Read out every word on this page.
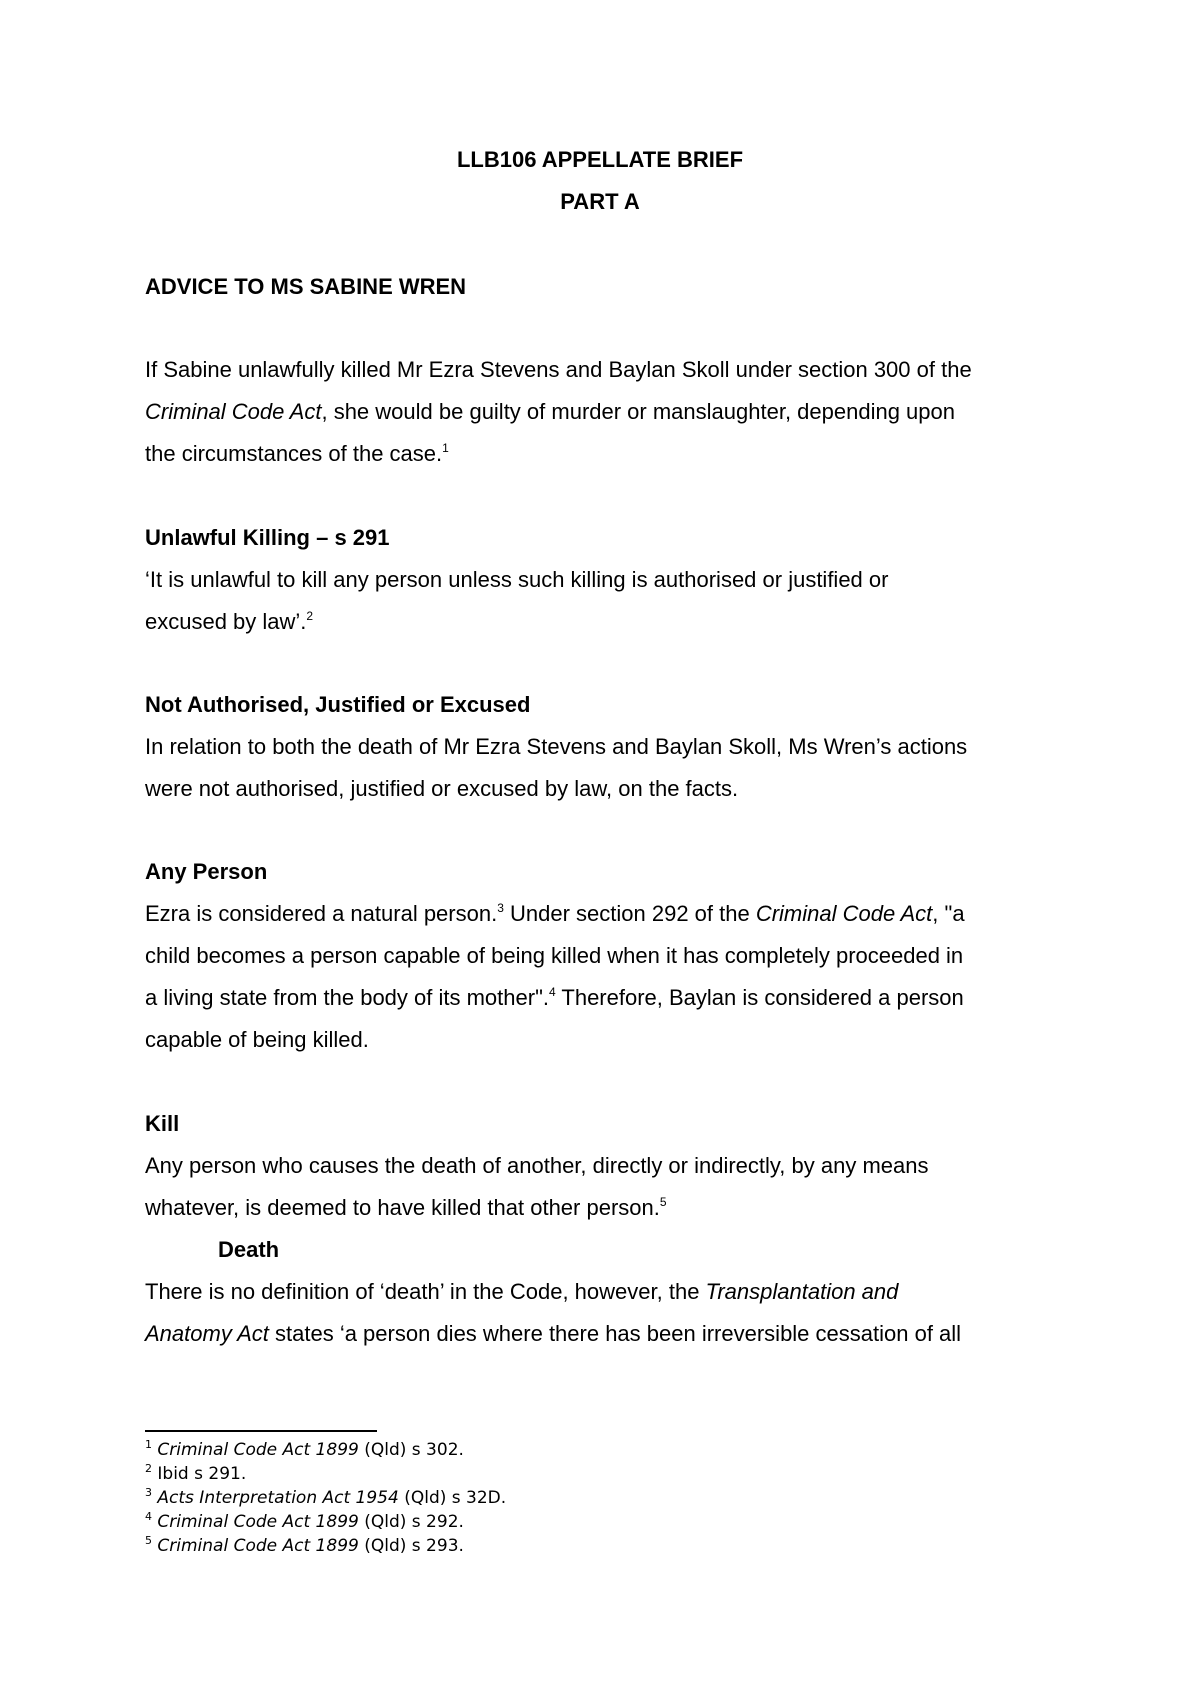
LLB106 APPELLATE BRIEF
PART A
ADVICE TO MS SABINE WREN
If Sabine unlawfully killed Mr Ezra Stevens and Baylan Skoll under section 300 of the
Criminal Code Act, she would be guilty of murder or manslaughter, depending upon
the circumstances of the case.$^1$
Unlawful Killing – s 291
‘It is unlawful to kill any person unless such killing is authorised or justified or
excused by law’.$^2$
Not Authorised, Justified or Excused
In relation to both the death of Mr Ezra Stevens and Baylan Skoll, Ms Wren’s actions
were not authorised, justified or excused by law, on the facts.
Any Person
Ezra is considered a natural person.$^3$ Under section 292 of the Criminal Code Act, "a
child becomes a person capable of being killed when it has completely proceeded in
a living state from the body of its mother".$^4$ Therefore, Baylan is considered a person
capable of being killed.
Kill
Any person who causes the death of another, directly or indirectly, by any means
whatever, is deemed to have killed that other person.$^5$
Death
There is no definition of ‘death’ in the Code, however, the Transplantation and
Anatomy Act states ‘a person dies where there has been irreversible cessation of all
$^1$ Criminal Code Act 1899 (Qld) s 302.
$^2$ Ibid s 291.
$^3$ Acts Interpretation Act 1954 (Qld) s 32D.
$^4$ Criminal Code Act 1899 (Qld) s 292.
$^5$ Criminal Code Act 1899 (Qld) s 293.
